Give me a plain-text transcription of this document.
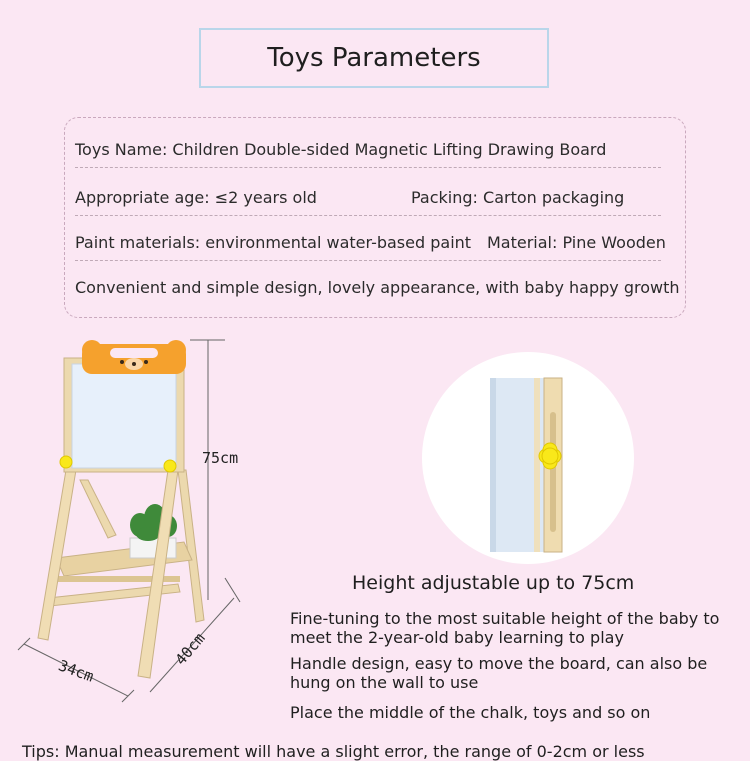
Toys Parameters
Toys Name: Children Double-sided Magnetic Lifting Drawing Board
Appropriate age: ≤2 years old	Packing: Carton packaging
Paint materials: environmental water-based paint Material: Pine Wooden
Convenient and simple design, lovely appearance, with baby happy growth
75cm
34cm
40cm
Height adjustable up to 75cm
Fine-tuning to the most suitable height of the baby to meet the 2-year-old baby learning to play
Handle design, easy to move the board, can also be hung on the wall to use
Place the middle of the chalk, toys and so on
Tips: Manual measurement will have a slight error, the range of 0-2cm or less
